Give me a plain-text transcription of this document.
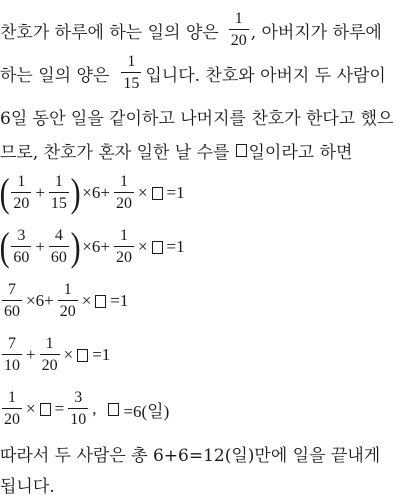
찬호가 하루에 하는 일의 양은 $\frac{1}{20}$ , 아버지가 하루에
하는 일의 양은 $\frac{1}{15}$ 입니다. 찬호와 아버지 두 사람이
6일 동안 일을 같이하고 나머지를 찬호가 한다고 했으
므로, 찬호가 혼자 일한 날 수를 일이라고 하면
( $\frac{1}{20} + \frac{1}{15}$ ) $\times 6+ \frac{1}{20} \times =1$
( $\frac{3}{60} + \frac{4}{60}$ ) $\times 6+ \frac{1}{20} \times =1$
$\frac{7}{60} \times 6+ \frac{1}{20} \times =1$
$\frac{7}{10} + \frac{1}{20} \times =1$
$\frac{1}{20}$ × = $\frac{3}{10}$ , =6(일)
따라서 두 사람은 총 6+6=12(일)만에 일을 끝내게
됩니다.
